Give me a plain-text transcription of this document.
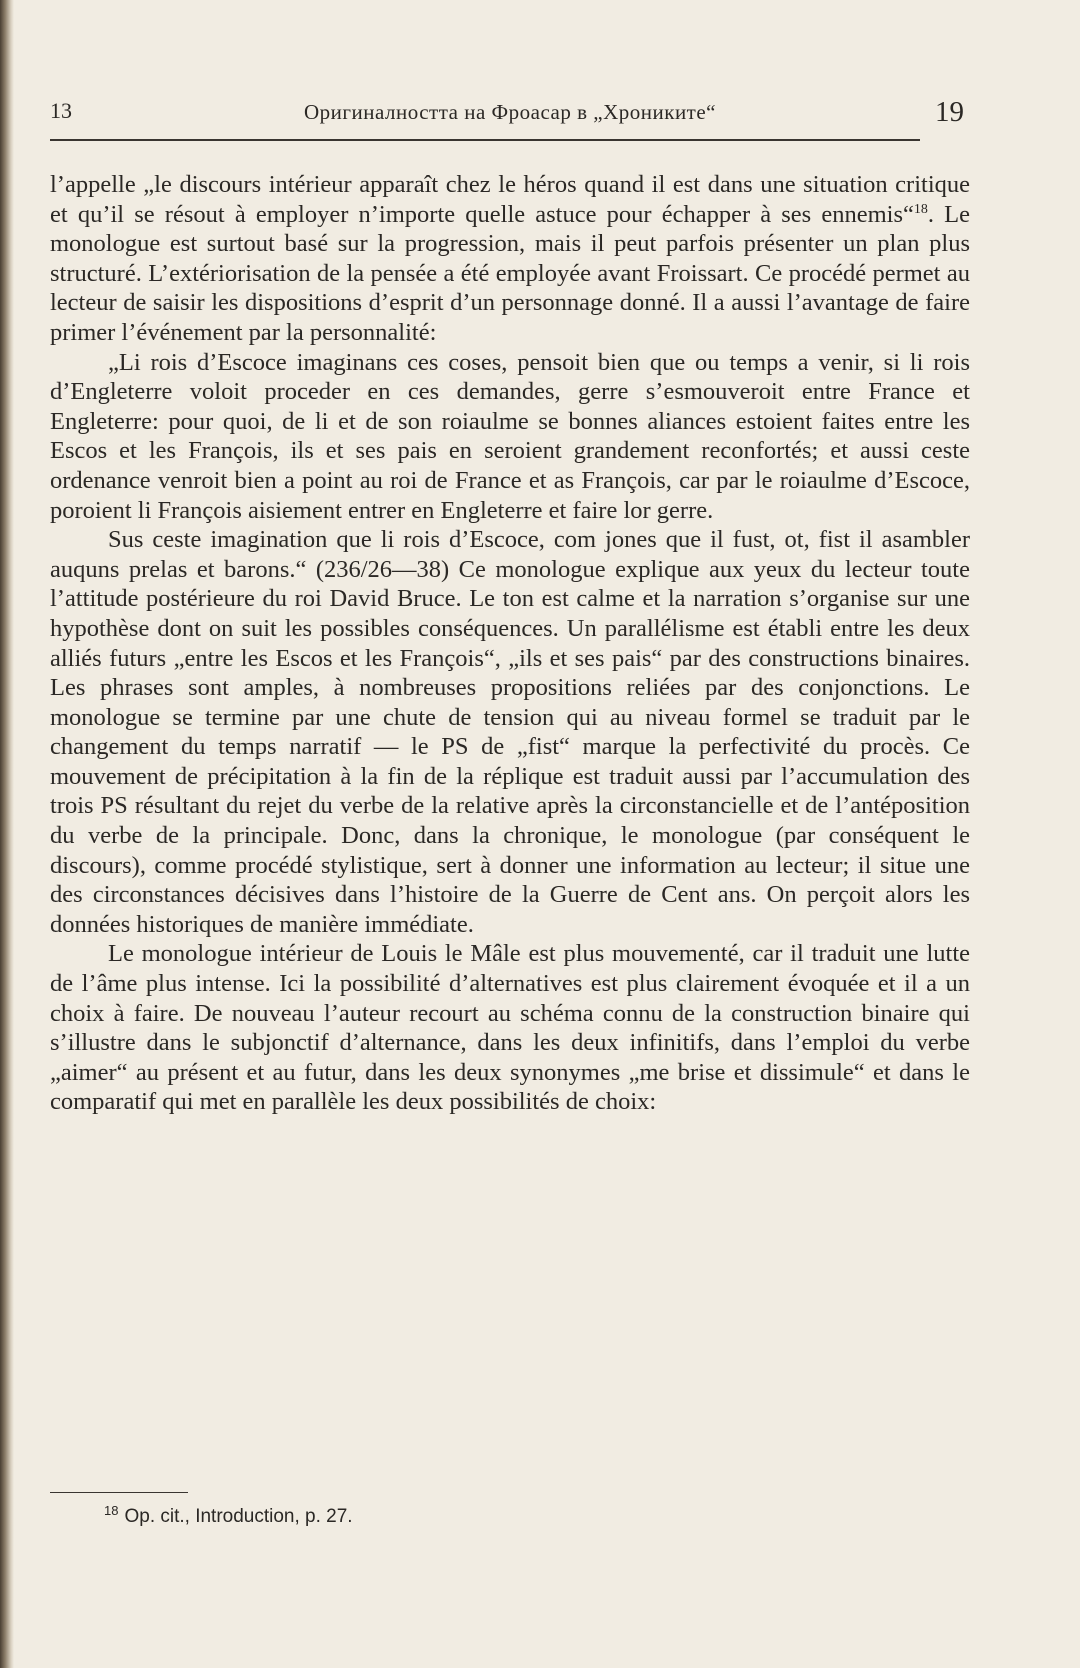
13	Оригиналността на Фроасар в „Хрониките“	19

l’appelle „le discours intérieur apparaît chez le héros quand il est dans une situation critique et qu’il se résout à employer n’importe quelle astuce pour échapper à ses ennemis“$^{18}$. Le monologue est surtout basé sur la progression, mais il peut parfois présenter un plan plus structuré. L’extériorisation de la pensée a été employée avant Froissart. Ce procédé permet au lecteur de saisir les dispositions d’esprit d’un personnage donné. Il a aussi l’avantage de faire primer l’événement par la personnalité:

„Li rois d’Escoce imaginans ces coses, pensoit bien que ou temps a venir, si li rois d’Engleterre voloit proceder en ces demandes, gerre s’esmouveroit entre France et Engleterre: pour quoi, de li et de son roiaulme se bonnes aliances estoient faites entre les Escos et les François, ils et ses pais en seroient grandement reconfortés; et aussi ceste ordenance venroit bien a point au roi de France et as François, car par le roiaulme d’Escoce, poroient li François aisiement entrer en Engleterre et faire lor gerre.

Sus ceste imagination que li rois d’Escoce, com jones que il fust, ot, fist il asambler auquns prelas et barons.“ (236/26—38) Ce monologue explique aux yeux du lecteur toute l’attitude postérieure du roi David Bruce. Le ton est calme et la narration s’organise sur une hypothèse dont on suit les possibles conséquences. Un parallélisme est établi entre les deux alliés futurs „entre les Escos et les François“, „ils et ses pais“ par des constructions binaires. Les phrases sont amples, à nombreuses propositions reliées par des conjonctions. Le monologue se termine par une chute de tension qui au niveau formel se traduit par le changement du temps narratif — le PS de „fist“ marque la perfectivité du procès. Ce mouvement de précipitation à la fin de la réplique est traduit aussi par l’accumulation des trois PS résultant du rejet du verbe de la relative après la circonstancielle et de l’antéposition du verbe de la principale. Donc, dans la chronique, le monologue (par conséquent le discours), comme procédé stylistique, sert à donner une information au lecteur; il situe une des circonstances décisives dans l’histoire de la Guerre de Cent ans. On perçoit alors les données historiques de manière immédiate.

Le monologue intérieur de Louis le Mâle est plus mouvementé, car il traduit une lutte de l’âme plus intense. Ici la possibilité d’alternatives est plus clairement évoquée et il a un choix à faire. De nouveau l’auteur recourt au schéma connu de la construction binaire qui s’illustre dans le subjonctif d’alternance, dans les deux infinitifs, dans l’emploi du verbe „aimer“ au présent et au futur, dans les deux synonymes „me brise et dissimule“ et dans le comparatif qui met en parallèle les deux possibilités de choix:

$^{18}$ Op. cit., Introduction, p. 27.
